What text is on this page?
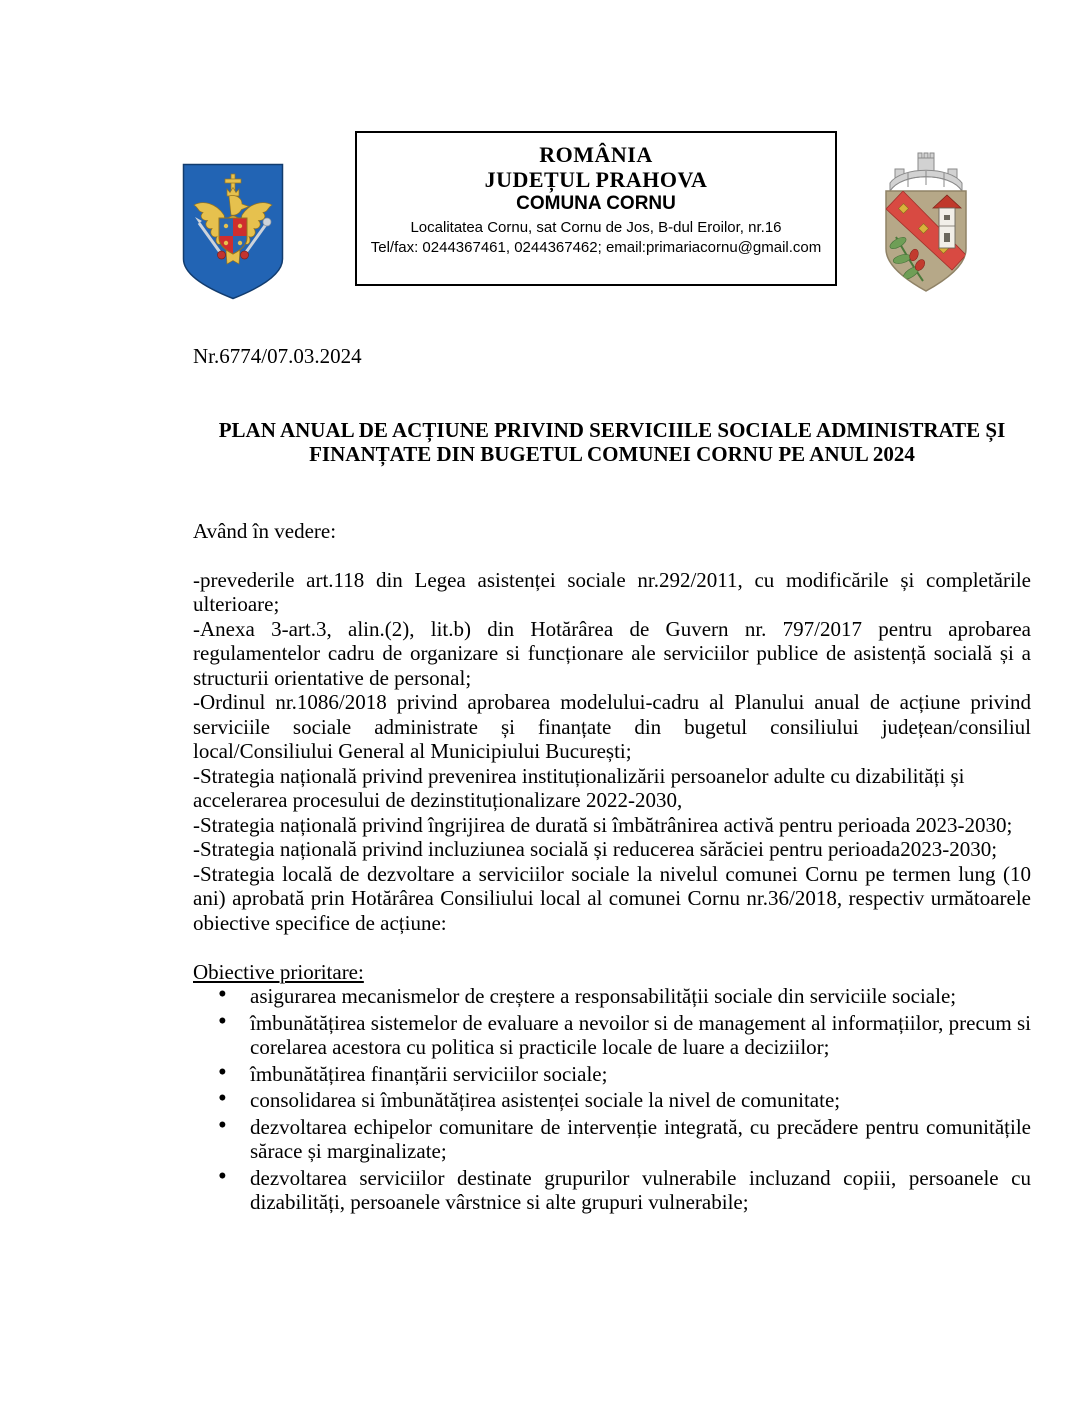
ROMÂNIA
JUDEȚUL PRAHOVA
COMUNA CORNU
Localitatea Cornu, sat Cornu de Jos, B-dul Eroilor, nr.16
Tel/fax: 0244367461, 0244367462; email:primariacornu@gmail.com

Nr.6774/07.03.2024

PLAN ANUAL DE ACȚIUNE PRIVIND SERVICIILE SOCIALE ADMINISTRATE ȘI
FINANȚATE DIN BUGETUL COMUNEI CORNU PE ANUL 2024

Având în vedere:

-prevederile art.118 din Legea asistenței sociale nr.292/2011, cu modificările și completările ulterioare;

-Anexa 3-art.3, alin.(2), lit.b) din Hotărârea de Guvern nr. 797/2017 pentru aprobarea regulamentelor cadru de organizare si funcționare ale serviciilor publice de asistență socială și a structurii orientative de personal;

-Ordinul nr.1086/2018 privind aprobarea modelului-cadru al Planului anual de acțiune privind serviciile sociale administrate și finanțate din bugetul consiliului județean/consiliul local/Consiliului General al Municipiului București;

-Strategia națională privind prevenirea instituționalizării persoanelor adulte cu dizabilități și accelerarea procesului de dezinstituționalizare 2022-2030,

-Strategia națională privind îngrijirea de durată si îmbătrânirea activă pentru perioada 2023-2030;

-Strategia națională privind incluziunea socială și reducerea sărăciei pentru perioada2023-2030;

-Strategia locală de dezvoltare a serviciilor sociale la nivelul comunei Cornu pe termen lung (10 ani) aprobată prin Hotărârea Consiliului local al comunei Cornu nr.36/2018, respectiv următoarele obiective specifice de acțiune:

Obiective prioritare:

• asigurarea mecanismelor de creștere a responsabilității sociale din serviciile sociale;
• îmbunătățirea sistemelor de evaluare a nevoilor si de management al informațiilor, precum si corelarea acestora cu politica si practicile locale de luare a deciziilor;
• îmbunătățirea finanțării serviciilor sociale;
• consolidarea si îmbunătățirea asistenței sociale la nivel de comunitate;
• dezvoltarea echipelor comunitare de intervenție integrată, cu precădere pentru comunitățile sărace și marginalizate;
• dezvoltarea serviciilor destinate grupurilor vulnerabile incluzand copiii, persoanele cu dizabilități, persoanele vârstnice si alte grupuri vulnerabile;
